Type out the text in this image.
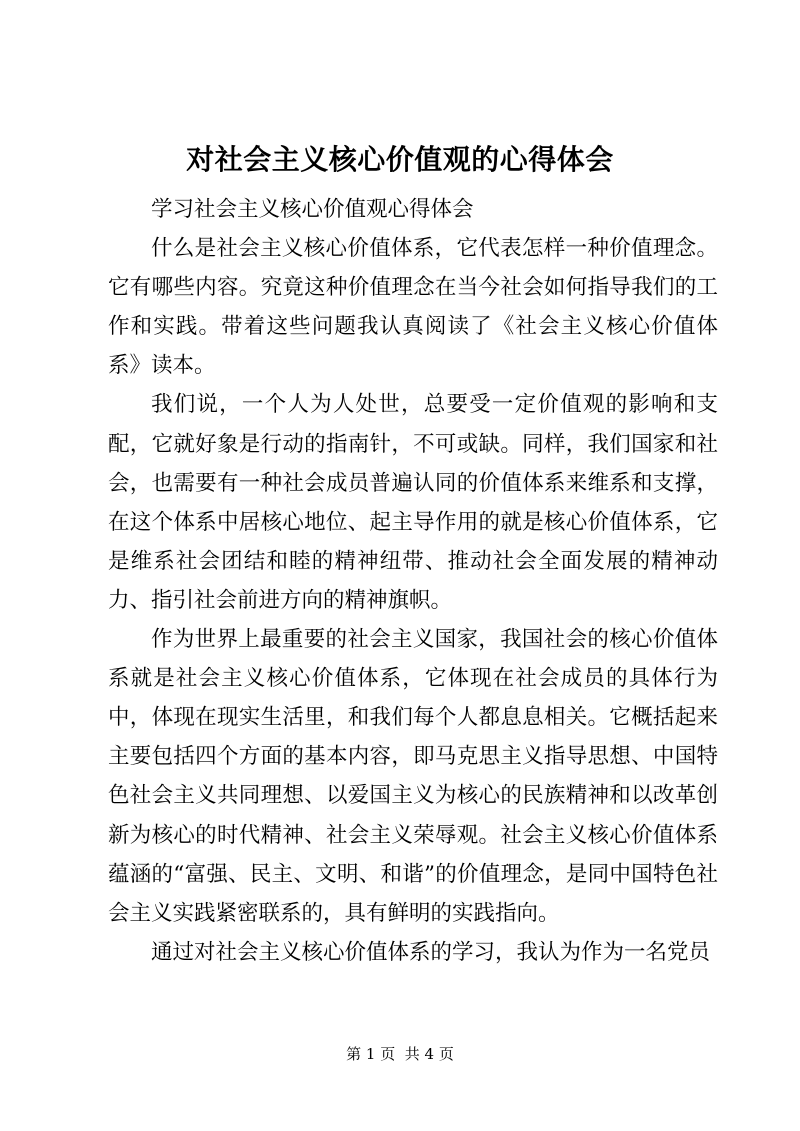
对社会主义核心价值观的心得体会

学习社会主义核心价值观心得体会

什么是社会主义核心价值体系，它代表怎样一种价值理念。它有哪些内容。究竟这种价值理念在当今社会如何指导我们的工作和实践。带着这些问题我认真阅读了《社会主义核心价值体系》读本。

我们说，一个人为人处世，总要受一定价值观的影响和支配，它就好象是行动的指南针，不可或缺。同样，我们国家和社会，也需要有一种社会成员普遍认同的价值体系来维系和支撑，在这个体系中居核心地位、起主导作用的就是核心价值体系，它是维系社会团结和睦的精神纽带、推动社会全面发展的精神动力、指引社会前进方向的精神旗帜。

作为世界上最重要的社会主义国家，我国社会的核心价值体系就是社会主义核心价值体系，它体现在社会成员的具体行为中，体现在现实生活里，和我们每个人都息息相关。它概括起来主要包括四个方面的基本内容，即马克思主义指导思想、中国特色社会主义共同理想、以爱国主义为核心的民族精神和以改革创新为核心的时代精神、社会主义荣辱观。社会主义核心价值体系蕴涵的“富强、民主、文明、和谐”的价值理念，是同中国特色社会主义实践紧密联系的，具有鲜明的实践指向。

通过对社会主义核心价值体系的学习，我认为作为一名党员

第 1 页  共 4 页
